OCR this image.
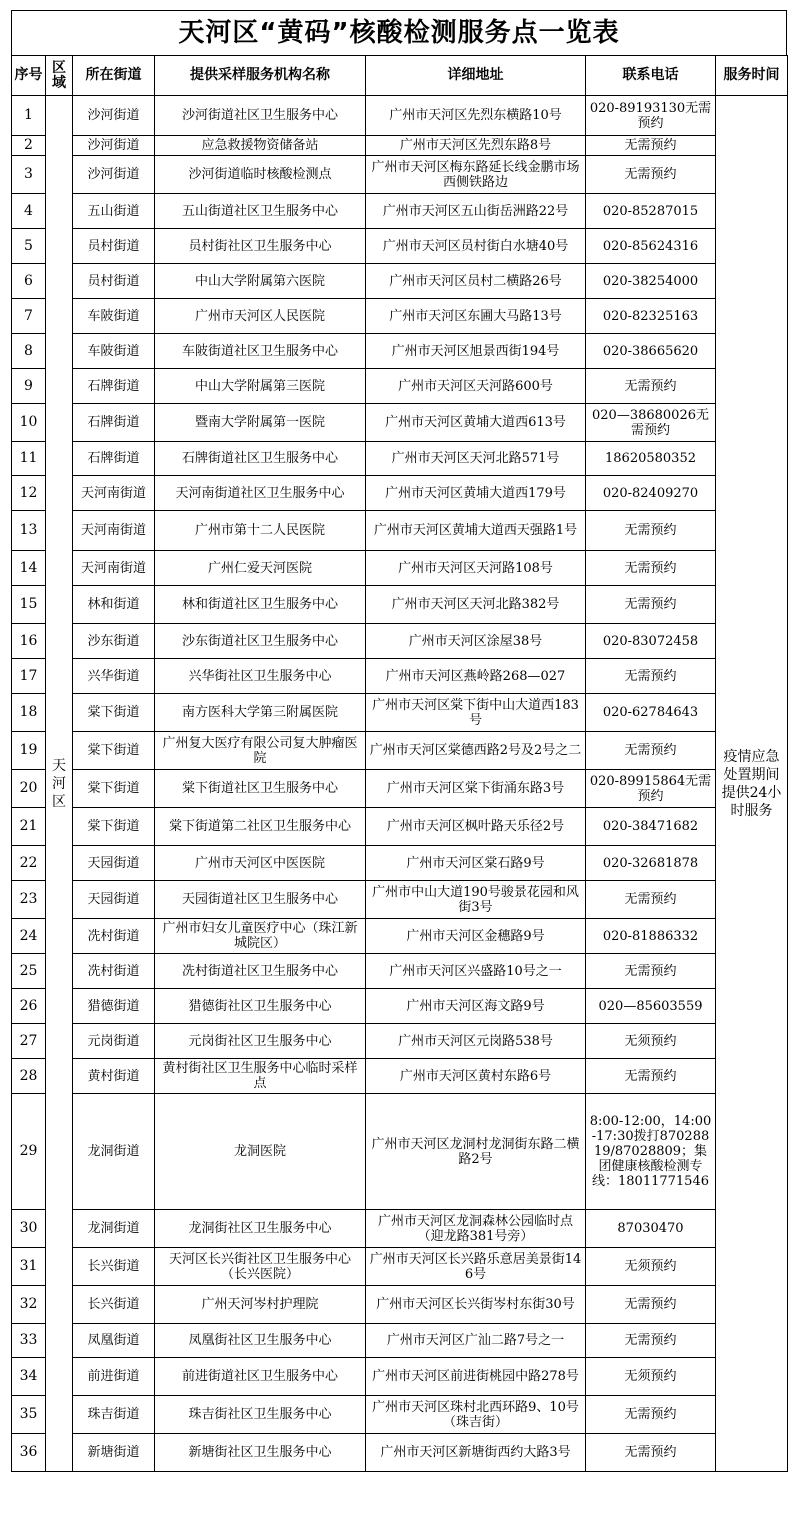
天河区“黄码”核酸检测服务点一览表
序号	区域	所在街道	提供采样服务机构名称	详细地址	联系电话	服务时间
1	天河区	沙河街道	沙河街道社区卫生服务中心	广州市天河区先烈东横路10号	020-89193130无需预约	疫情应急处置期间提供24小时服务
2		沙河街道	应急救援物资储备站	广州市天河区先烈东路8号	无需预约	
3		沙河街道	沙河街道临时核酸检测点	广州市天河区梅东路延长线金鹏市场西侧铁路边	无需预约	
4		五山街道	五山街道社区卫生服务中心	广州市天河区五山街岳洲路22号	020-85287015	
5		员村街道	员村街社区卫生服务中心	广州市天河区员村街白水塘40号	020-85624316	
6		员村街道	中山大学附属第六医院	广州市天河区员村二横路26号	020-38254000	
7		车陂街道	广州市天河区人民医院	广州市天河区东圃大马路13号	020-82325163	
8		车陂街道	车陂街道社区卫生服务中心	广州市天河区旭景西街194号	020-38665620	
9		石牌街道	中山大学附属第三医院	广州市天河区天河路600号	无需预约	
10		石牌街道	暨南大学附属第一医院	广州市天河区黄埔大道西613号	020—38680026无需预约	
11		石牌街道	石牌街道社区卫生服务中心	广州市天河区天河北路571号	18620580352	
12		天河南街道	天河南街道社区卫生服务中心	广州市天河区黄埔大道西179号	020-82409270	
13		天河南街道	广州市第十二人民医院	广州市天河区黄埔大道西天强路1号	无需预约	
14		天河南街道	广州仁爱天河医院	广州市天河区天河路108号	无需预约	
15		林和街道	林和街道社区卫生服务中心	广州市天河区天河北路382号	无需预约	
16		沙东街道	沙东街道社区卫生服务中心	广州市天河区涂屋38号	020-83072458	
17		兴华街道	兴华街社区卫生服务中心	广州市天河区燕岭路268—027	无需预约	
18		棠下街道	南方医科大学第三附属医院	广州市天河区棠下街中山大道西183号	020-62784643	
19		棠下街道	广州复大医疗有限公司复大肿瘤医院	广州市天河区棠德西路2号及2号之二	无需预约	
20		棠下街道	棠下街道社区卫生服务中心	广州市天河区棠下街涌东路3号	020-89915864无需预约	
21		棠下街道	棠下街道第二社区卫生服务中心	广州市天河区枫叶路天乐径2号	020-38471682	
22		天园街道	广州市天河区中医医院	广州市天河区棠石路9号	020-32681878	
23		天园街道	天园街道社区卫生服务中心	广州市中山大道190号骏景花园和风街3号	无需预约	
24		冼村街道	广州市妇女儿童医疗中心（珠江新城院区）	广州市天河区金穗路9号	020-81886332	
25		冼村街道	冼村街道社区卫生服务中心	广州市天河区兴盛路10号之一	无需预约	
26		猎德街道	猎德街社区卫生服务中心	广州市天河区海文路9号	020—85603559	
27		元岗街道	元岗街社区卫生服务中心	广州市天河区元岗路538号	无须预约	
28		黄村街道	黄村街社区卫生服务中心临时采样点	广州市天河区黄村东路6号	无需预约	
29		龙洞街道	龙洞医院	广州市天河区龙洞村龙洞街东路二横路2号	8:00-12:00，14:00-17:30拨打87028819/87028809；集团健康核酸检测专线：18011771546	
30		龙洞街道	龙洞街社区卫生服务中心	广州市天河区龙洞森林公园临时点（迎龙路381号旁）	87030470	
31		长兴街道	天河区长兴街社区卫生服务中心（长兴医院）	广州市天河区长兴路乐意居美景街146号	无须预约	
32		长兴街道	广州天河岑村护理院	广州市天河区长兴街岑村东街30号	无需预约	
33		凤凰街道	凤凰街社区卫生服务中心	广州市天河区广汕二路7号之一	无需预约	
34		前进街道	前进街道社区卫生服务中心	广州市天河区前进街桃园中路278号	无须预约	
35		珠吉街道	珠吉街社区卫生服务中心	广州市天河区珠村北西环路9、10号（珠吉街）	无需预约	
36		新塘街道	新塘街社区卫生服务中心	广州市天河区新塘街西约大路3号	无需预约	
